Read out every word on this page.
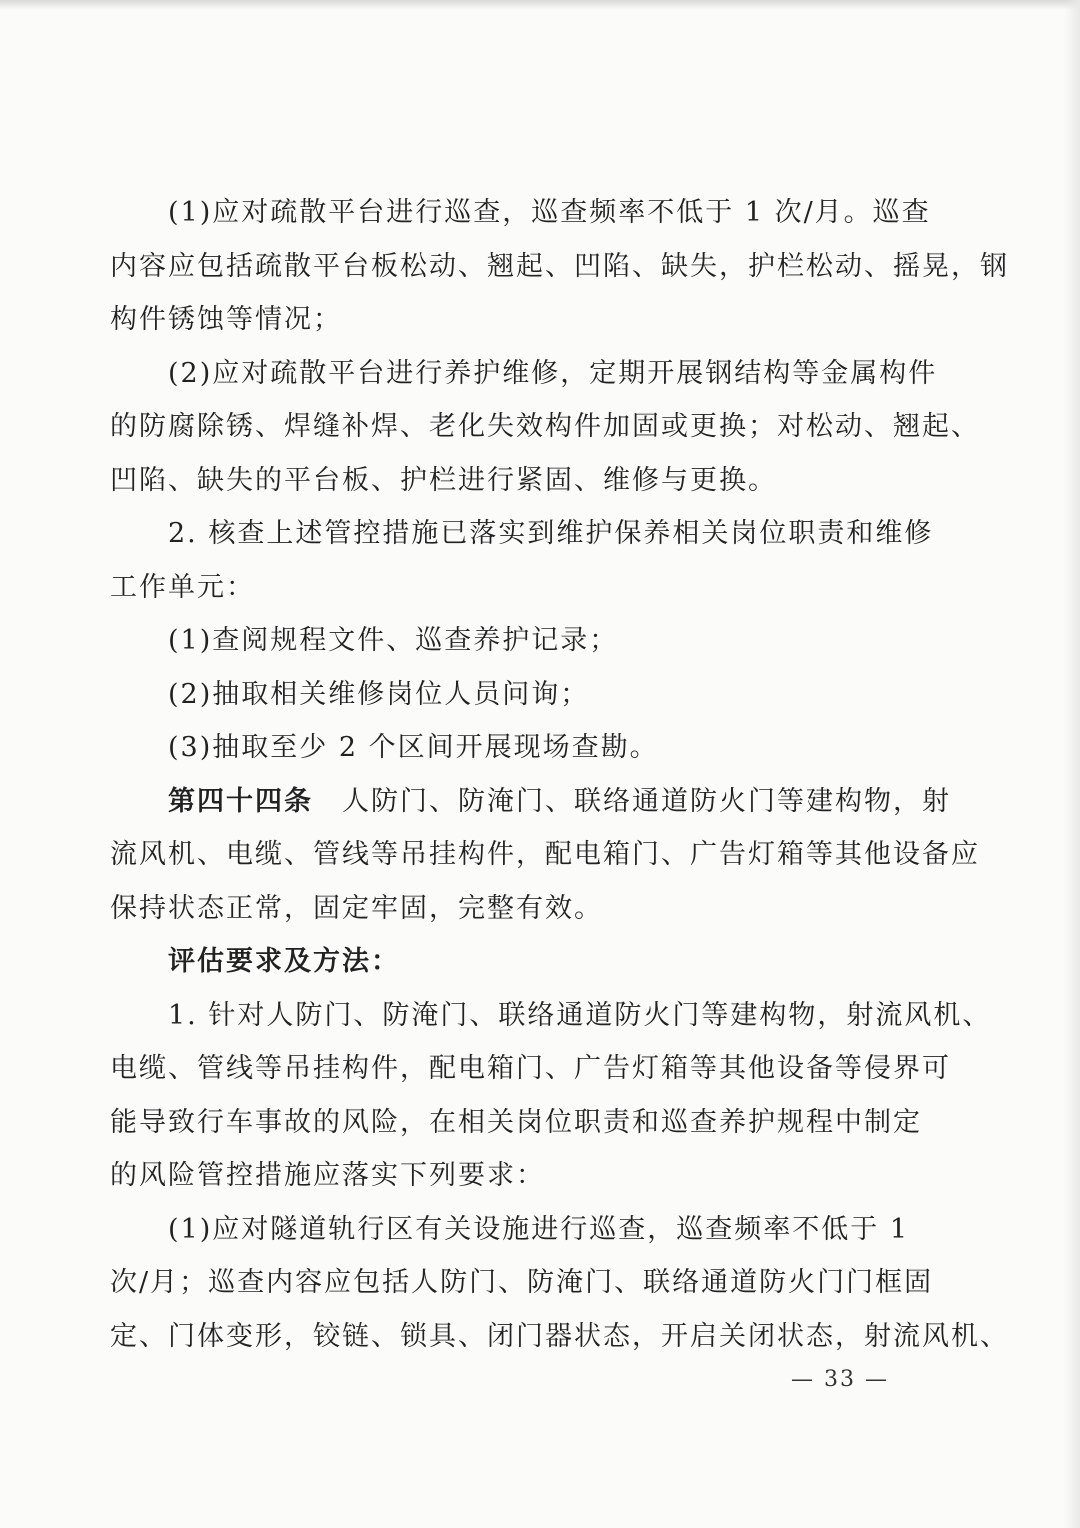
　　(1)应对疏散平台进行巡查，巡查频率不低于 1 次/月。巡查
内容应包括疏散平台板松动、翘起、凹陷、缺失，护栏松动、摇晃，钢
构件锈蚀等情况；
　　(2)应对疏散平台进行养护维修，定期开展钢结构等金属构件
的防腐除锈、焊缝补焊、老化失效构件加固或更换；对松动、翘起、
凹陷、缺失的平台板、护栏进行紧固、维修与更换。
　　2. 核查上述管控措施已落实到维护保养相关岗位职责和维修
工作单元：
　　(1)查阅规程文件、巡查养护记录；
　　(2)抽取相关维修岗位人员问询；
　　(3)抽取至少 2 个区间开展现场查勘。
　　第四十四条　人防门、防淹门、联络通道防火门等建构物，射
流风机、电缆、管线等吊挂构件，配电箱门、广告灯箱等其他设备应
保持状态正常，固定牢固，完整有效。
　　评估要求及方法：
　　1. 针对人防门、防淹门、联络通道防火门等建构物，射流风机、
电缆、管线等吊挂构件，配电箱门、广告灯箱等其他设备等侵界可
能导致行车事故的风险，在相关岗位职责和巡查养护规程中制定
的风险管控措施应落实下列要求：
　　(1)应对隧道轨行区有关设施进行巡查，巡查频率不低于 1
次/月；巡查内容应包括人防门、防淹门、联络通道防火门门框固
定、门体变形，铰链、锁具、闭门器状态，开启关闭状态，射流风机、
— 33 —
